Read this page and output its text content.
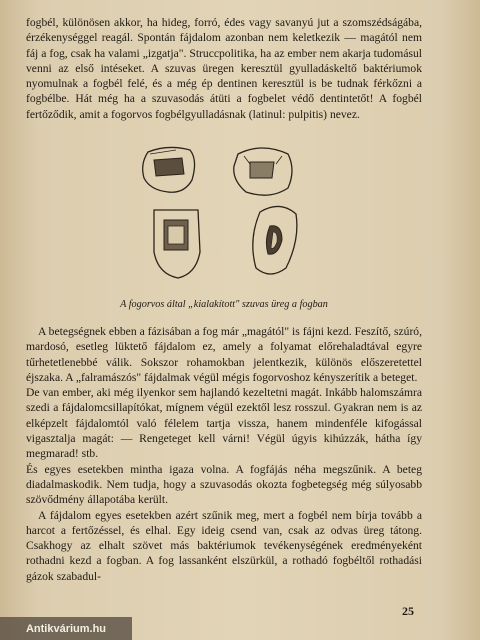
fogbél, különösen akkor, ha hideg, forró, édes vagy savanyú jut a szomszédságába, érzékenységgel reagál. Spontán fájdalom azonban nem keletkezik — magától nem fáj a fog, csak ha valami „izgatja". Struccpolitika, ha az ember nem akarja tudomásul venni az első intéseket. A szuvas üregen keresztül gyulladáskeltő baktériumok nyomulnak a fogbél felé, és a még ép dentinen keresztül is be tudnak férkőzni a fogbélbe. Hát még ha a szuvasodás átüti a fogbelet védő dentintetőt! A fogbél fertőződik, amit a fogorvos fogbélgyulladásnak (latinul: pulpitis) nevez.

A fogorvos által „kialakított" szuvas üreg a fogban

A betegségnek ebben a fázisában a fog már „magától" is fájni kezd. Feszítő, szúró, mardosó, esetleg lüktető fájdalom ez, amely a folyamat előrehaladtával egyre tűrhetetlenebbé válik. Sokszor rohamokban jelentkezik, különös előszeretettel éjszaka. A „falramászós" fájdalmak végül mégis fogorvoshoz kényszerítik a beteget.

De van ember, aki még ilyenkor sem hajlandó kezeltetni magát. Inkább halomszámra szedi a fájdalomcsillapítókat, mígnem végül ezektől lesz rosszul. Gyakran nem is az elképzelt fájdalomtól való félelem tartja vissza, hanem mindenféle kifogással vigasztalja magát: — Rengeteget kell várni! Végül úgyis kihúzzák, hátha így megmarad! stb.

És egyes esetekben mintha igaza volna. A fogfájás néha megszűnik. A beteg diadalmaskodik. Nem tudja, hogy a szuvasodás okozta fogbetegség még súlyosabb szövődmény állapotába került.

A fájdalom egyes esetekben azért szűnik meg, mert a fogbél nem bírja tovább a harcot a fertőzéssel, és elhal. Egy ideig csend van, csak az odvas üreg tátong. Csakhogy az elhalt szövet más baktériumok tevékenységének eredményeként rothadni kezd a fogban. A fog lassanként elszürkül, a rothadó fogbéltől rothadási gázok szabadul-

25
Antikvárium.hu
